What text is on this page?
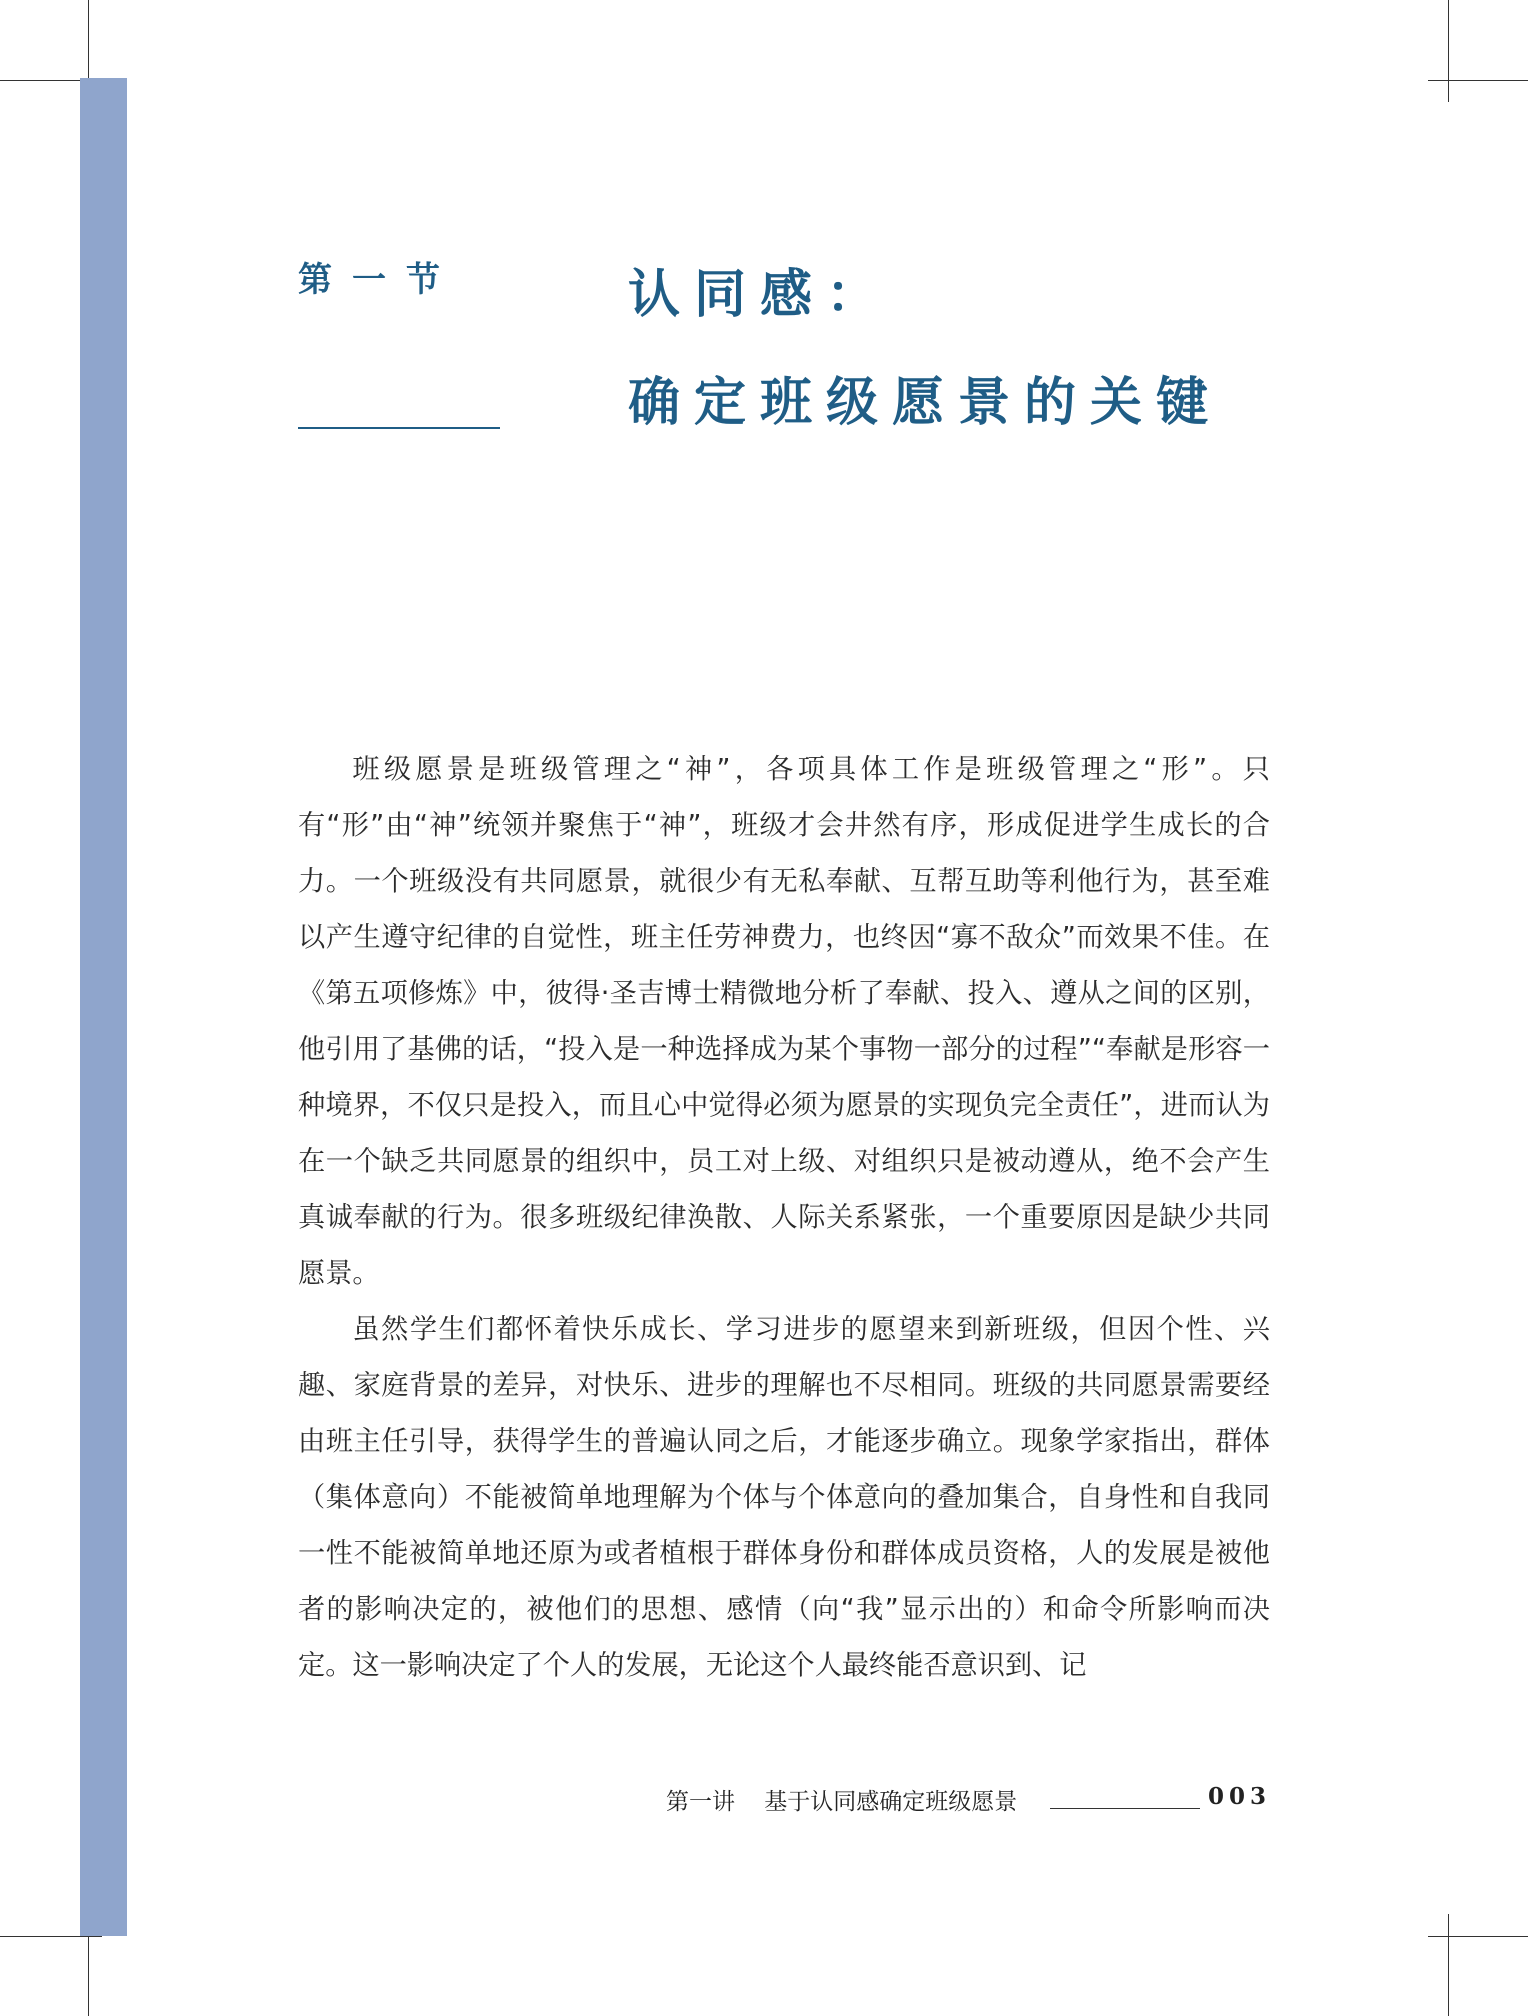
第一节	认同感：
确定班级愿景的关键

班级愿景是班级管理之“神”，各项具体工作是班级管理之“形”。只有“形”由“神”统领并聚焦于“神”，班级才会井然有序，形成促进学生成长的合力。一个班级没有共同愿景，就很少有无私奉献、互帮互助等利他行为，甚至难以产生遵守纪律的自觉性，班主任劳神费力，也终因“寡不敌众”而效果不佳。在《第五项修炼》中，彼得·圣吉博士精微地分析了奉献、投入、遵从之间的区别，他引用了基佛的话，“投入是一种选择成为某个事物一部分的过程”“奉献是形容一种境界，不仅只是投入，而且心中觉得必须为愿景的实现负完全责任”，进而认为在一个缺乏共同愿景的组织中，员工对上级、对组织只是被动遵从，绝不会产生真诚奉献的行为。很多班级纪律涣散、人际关系紧张，一个重要原因是缺少共同愿景。

虽然学生们都怀着快乐成长、学习进步的愿望来到新班级，但因个性、兴趣、家庭背景的差异，对快乐、进步的理解也不尽相同。班级的共同愿景需要经由班主任引导，获得学生的普遍认同之后，才能逐步确立。现象学家指出，群体（集体意向）不能被简单地理解为个体与个体意向的叠加集合，自身性和自我同一性不能被简单地还原为或者植根于群体身份和群体成员资格，人的发展是被他者的影响决定的，被他们的思想、感情（向“我”显示出的）和命令所影响而决定。这一影响决定了个人的发展，无论这个人最终能否意识到、记

第一讲    基于认同感确定班级愿景	003
